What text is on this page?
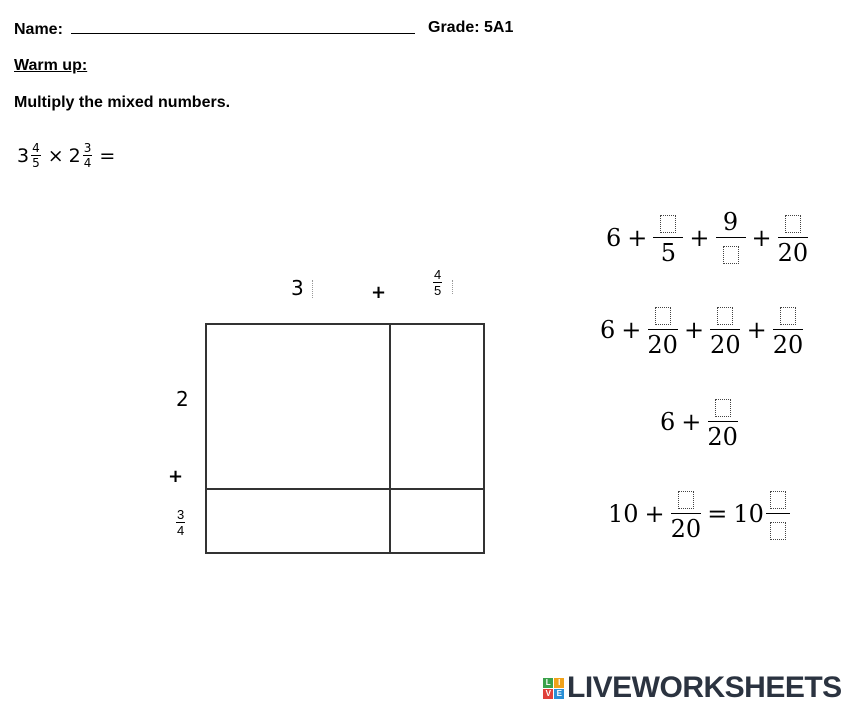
Name:	Grade: 5A1
Warm up:
Multiply the mixed numbers.
$3 \frac{4}{5} \times 2 \frac{3}{4}$ =
3	+	$\frac{4}{5}$
2
+
$\frac{3}{4}$
6 +
5
+
9
+
20
6 +
20
+
20
+
20
6 +
20
10 +
20
= 10
L I
V E LIVEWORKSHEETS
